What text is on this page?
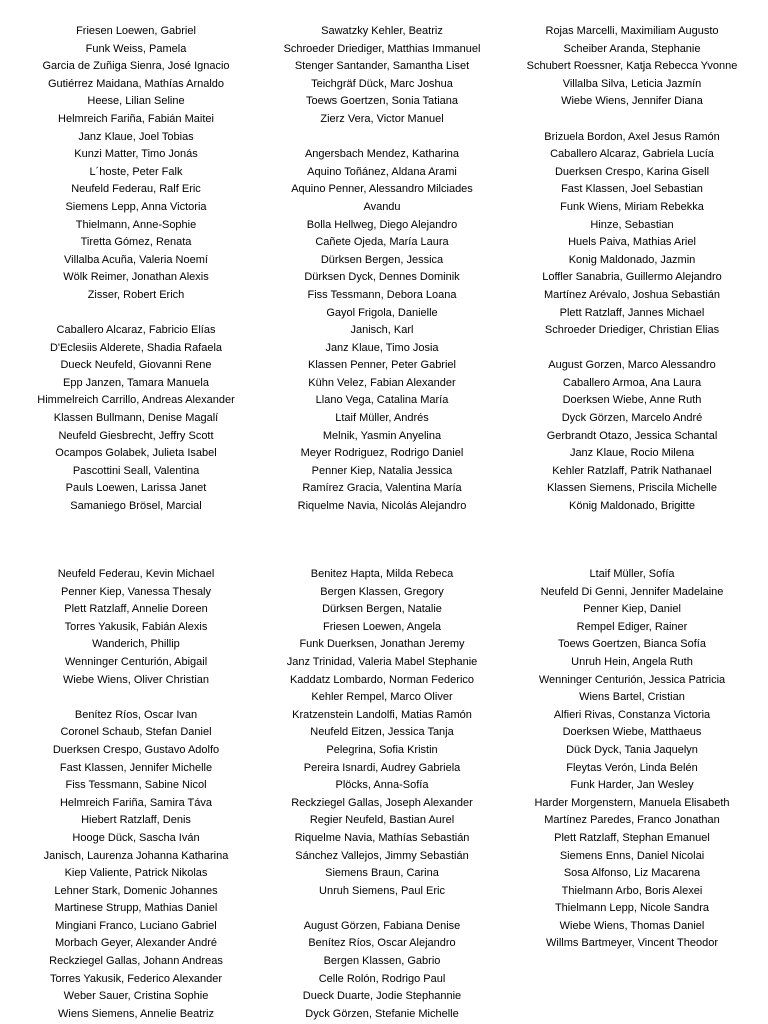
Friesen Loewen, Gabriel
Funk Weiss, Pamela
Garcia de Zuñiga Sienra, José Ignacio
Gutiérrez Maidana, Mathías Arnaldo
Heese, Lilian Seline
Helmreich Fariña, Fabián Maitei
Janz Klaue, Joel Tobias
Kunzi Matter, Timo Jonás
L´hoste, Peter Falk
Neufeld Federau, Ralf Eric
Siemens Lepp, Anna Victoria
Thielmann, Anne-Sophie
Tiretta Gómez, Renata
Villalba Acuña, Valeria Noemí
Wölk Reimer, Jonathan Alexis
Zisser, Robert Erich
Caballero Alcaraz, Fabricio Elías
D'Eclesiis Alderete, Shadia Rafaela
Dueck Neufeld, Giovanni Rene
Epp Janzen, Tamara Manuela
Himmelreich Carrillo, Andreas Alexander
Klassen Bullmann, Denise Magalí
Neufeld Giesbrecht, Jeffry Scott
Ocampos Golabek, Julieta Isabel
Pascottini Seall, Valentina
Pauls Loewen, Larissa Janet
Samaniego Brösel, Marcial
Sawatzky Kehler, Beatriz
Schroeder Driediger, Matthias Immanuel
Stenger Santander, Samantha Liset
Teichgräf Dück, Marc Joshua
Toews Goertzen, Sonia Tatiana
Zierz Vera, Victor Manuel
Angersbach Mendez, Katharina
Aquino Toñánez, Aldana Arami
Aquino Penner, Alessandro Milciades
Avandu
Bolla Hellweg, Diego Alejandro
Cañete Ojeda, María Laura
Dürksen Bergen, Jessica
Dürksen Dyck, Dennes Dominik
Fiss Tessmann, Debora Loana
Gayol Frigola, Danielle
Janisch, Karl
Janz Klaue, Timo Josia
Klassen Penner, Peter Gabriel
Kühn Velez, Fabian Alexander
Llano Vega, Catalina María
Ltaif Müller, Andrés
Melnik, Yasmin Anyelina
Meyer Rodriguez, Rodrigo Daniel
Penner Kiep, Natalia Jessica
Ramírez Gracia, Valentina María
Riquelme Navia, Nicolás Alejandro
Rojas Marcelli, Maximiliam Augusto
Scheiber Aranda, Stephanie
Schubert Roessner, Katja Rebecca Yvonne
Villalba Silva, Leticia Jazmín
Wiebe Wiens, Jennifer Diana
Brizuela Bordon, Axel Jesus Ramón
Caballero Alcaraz, Gabriela Lucía
Duerksen Crespo, Karina Gisell
Fast Klassen, Joel Sebastian
Funk Wiens, Miriam Rebekka
Hinze, Sebastian
Huels Paiva, Mathias Ariel
Konig Maldonado, Jazmin
Loffler Sanabria, Guillermo Alejandro
Martínez Arévalo, Joshua Sebastián
Plett Ratzlaff, Jannes Michael
Schroeder Driediger, Christian Elias
August Gorzen, Marco Alessandro
Caballero Armoa, Ana Laura
Doerksen Wiebe, Anne Ruth
Dyck Görzen, Marcelo André
Gerbrandt Otazo, Jessica Schantal
Janz Klaue, Rocio Milena
Kehler Ratzlaff, Patrik Nathanael
Klassen Siemens, Priscila Michelle
König Maldonado, Brigitte
Neufeld Federau, Kevin Michael
Penner Kiep, Vanessa Thesaly
Plett Ratzlaff, Annelie Doreen
Torres Yakusik, Fabián Alexis
Wanderich, Phillip
Wenninger Centurión, Abigail
Wiebe Wiens, Oliver Christian
Benítez Ríos, Oscar Ivan
Coronel Schaub, Stefan Daniel
Duerksen Crespo, Gustavo Adolfo
Fast Klassen, Jennifer Michelle
Fiss Tessmann, Sabine Nicol
Helmreich Fariña, Samira Táva
Hiebert Ratzlaff, Denis
Hooge Dück, Sascha Iván
Janisch, Laurenza Johanna Katharina
Kiep Valiente, Patrick Nikolas
Lehner Stark, Domenic Johannes
Martinese Strupp, Mathias Daniel
Mingiani Franco, Luciano Gabriel
Morbach Geyer, Alexander André
Reckziegel Gallas, Johann Andreas
Torres Yakusik, Federico Alexander
Weber Sauer, Cristina Sophie
Wiens Siemens, Annelie Beatriz
Benitez Hapta, Milda Rebeca
Bergen Klassen, Gregory
Dürksen Bergen, Natalie
Friesen Loewen, Angela
Funk Duerksen, Jonathan Jeremy
Janz Trinidad, Valeria Mabel Stephanie
Kaddatz Lombardo, Norman Federico
Kehler Rempel, Marco Oliver
Kratzenstein Landolfi, Matias Ramón
Neufeld Eitzen, Jessica Tanja
Pelegrina, Sofia Kristin
Pereira Isnardi, Audrey Gabriela
Plöcks, Anna-Sofía
Reckziegel Gallas, Joseph Alexander
Regier Neufeld, Bastian Aurel
Riquelme Navia, Mathías Sebastián
Sánchez Vallejos, Jimmy Sebastián
Siemens Braun, Carina
Unruh Siemens, Paul Eric
August Görzen, Fabiana Denise
Benítez Ríos, Oscar Alejandro
Bergen Klassen, Gabrio
Celle Rolón, Rodrigo Paul
Dueck Duarte, Jodie Stephannie
Dyck Görzen, Stefanie Michelle
Ltaif Müller, Sofía
Neufeld Di Genni, Jennifer Madelaine
Penner Kiep, Daniel
Rempel Ediger, Rainer
Toews Goertzen, Bianca Sofía
Unruh Hein, Angela Ruth
Wenninger Centurión, Jessica Patricia
Wiens Bartel, Cristian
Alfieri Rivas, Constanza Victoria
Doerksen Wiebe, Matthaeus
Dück Dyck, Tania Jaquelyn
Fleytas Verón, Linda Belén
Funk Harder, Jan Wesley
Harder Morgenstern, Manuela Elisabeth
Martínez Paredes, Franco Jonathan
Plett Ratzlaff, Stephan Emanuel
Siemens Enns, Daniel Nicolai
Sosa Alfonso, Liz Macarena
Thielmann Arbo, Boris Alexei
Thielmann Lepp, Nicole Sandra
Wiebe Wiens, Thomas Daniel
Willms Bartmeyer, Vincent Theodor
